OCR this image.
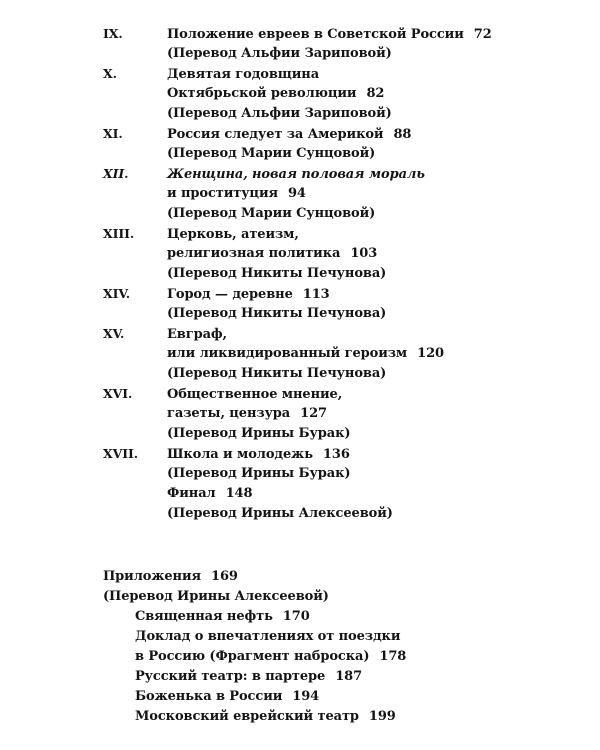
IX.	Положение евреев в Советской России 72
(Перевод Альфии Зариповой)
X.	Девятая годовщина
Октябрьской революции 82
(Перевод Альфии Зариповой)
XI.	Россия следует за Америкой 88
(Перевод Марии Сунцовой)
XII.	Женщина, новая половая мораль
и проституция 94
(Перевод Марии Сунцовой)
XIII.	Церковь, атеизм,
религиозная политика 103
(Перевод Никиты Печунова)
XIV.	Город — деревне 113
(Перевод Никиты Печунова)
XV.	Евграф,
или ликвидированный героизм 120
(Перевод Никиты Печунова)
XVI.	Общественное мнение,
газеты, цензура 127
(Перевод Ирины Бурак)
XVII. Школа и молодежь 136
(Перевод Ирины Бурак)
Финал 148
(Перевод Ирины Алексеевой)
Приложения 169
(Перевод Ирины Алексеевой)
Священная нефть 170
Доклад о впечатлениях от поездки
в Россию (Фрагмент наброска) 178
Русский театр: в партере 187
Боженька в России 194
Московский еврейский театр 199
